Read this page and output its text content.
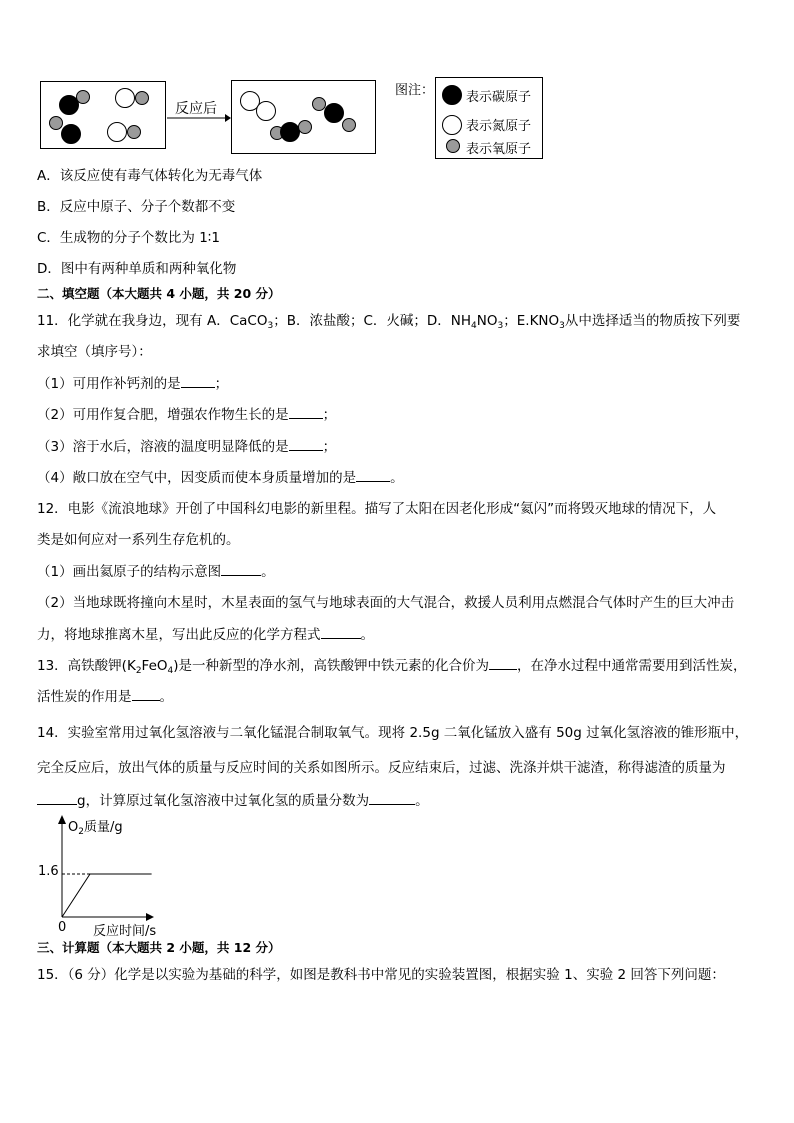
反应后
图注： 表示碳原子
表示氮原子
表示氧原子
A．该反应使有毒气体转化为无毒气体
B．反应中原子、分子个数都不变
C．生成物的分子个数比为 1∶1
D．图中有两种单质和两种氧化物
二、填空题（本大题共 4 小题，共 20 分）
11．化学就在我身边，现有 A．CaCO$_3$；B．浓盐酸；C．火碱；D．$NH_4NO_3$；$E.KNO_3$从中选择适当的物质按下列要
求填空（填序号）：
（1）可用作补钙剂的是	；
（2）可用作复合肥，增强农作物生长的是	；
（3）溶于水后，溶液的温度明显降低的是	；
（4）敞口放在空气中，因变质而使本身质量增加的是	。
12．电影《流浪地球》开创了中国科幻电影的新里程。描写了太阳在因老化形成“氦闪”而将毁灭地球的情况下，人
类是如何应对一系列生存危机的。
（1）画出氦原子的结构示意图	。
（2）当地球既将撞向木星时，木星表面的氢气与地球表面的大气混合，救援人员利用点燃混合气体时产生的巨大冲击
力，将地球推离木星，写出此反应的化学方程式	。
13．高铁酸钾$(K_2FeO_4)$是一种新型的净水剂，高铁酸钾中铁元素的化合价为 ，在净水过程中通常需要用到活性炭，
活性炭的作用是 。
14．实验室常用过氧化氢溶液与二氧化锰混合制取氧气。现将 2.5g 二氧化锰放入盛有 50g 过氧化氢溶液的锥形瓶中，
完全反应后，放出气体的质量与反应时间的关系如图所示。反应结束后，过滤、洗涤并烘干滤渣，称得滤渣的质量为
g，计算原过氧化氢溶液中过氧化氢的质量分数为	。
$O_2$质量/g
1.6
0 反应时间/s
三、计算题（本大题共 2 小题，共 12 分）
15．（6 分）化学是以实验为基础的科学，如图是教科书中常见的实验装置图，根据实验 1、实验 2 回答下列问题：
